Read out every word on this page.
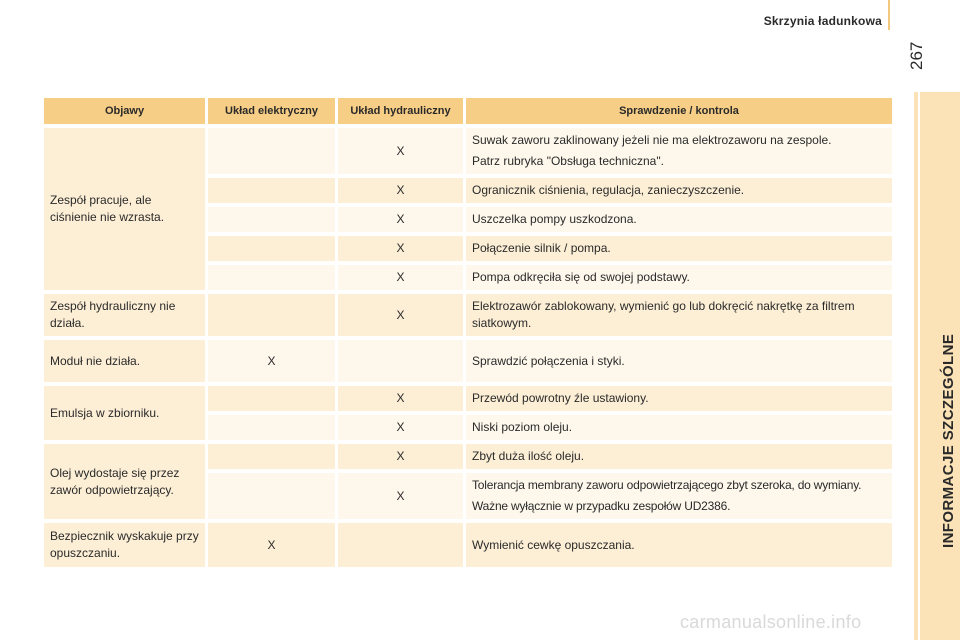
Skrzynia ładunkowa
267
INFORMACJE SZCZEGÓLNE
Objawy	Układ elektryczny	Układ hydrauliczny	Sprawdzenie / kontrola
Zespół pracuje, ale ciśnienie nie wzrasta.		X	Suwak zaworu zaklinowany jeżeli nie ma elektrozaworu na zespole.
Patrz rubryka "Obsługa techniczna".

		X	Ogranicznik ciśnienia, regulacja, zanieczyszczenie.
		X	Uszczelka pompy uszkodzona.
		X	Połączenie silnik / pompa.
		X	Pompa odkręciła się od swojej podstawy.
Zespół hydrauliczny nie działa.		X	Elektrozawór zablokowany, wymienić go lub dokręcić nakrętkę za filtrem siatkowym.
Moduł nie działa.	X		Sprawdzić połączenia i styki.
Emulsja w zbiorniku.		X	Przewód powrotny źle ustawiony.
		X	Niski poziom oleju.
Olej wydostaje się przez zawór odpowietrzający.		X	Zbyt duża ilość oleju.
		X	Tolerancja membrany zaworu odpowietrzającego zbyt szeroka, do wymiany.
Ważne wyłącznie w przypadku zespołów UD2386.

Bezpiecznik wyskakuje przy opuszczaniu.	X		Wymienić cewkę opuszczania.
carmanualsonline.info
